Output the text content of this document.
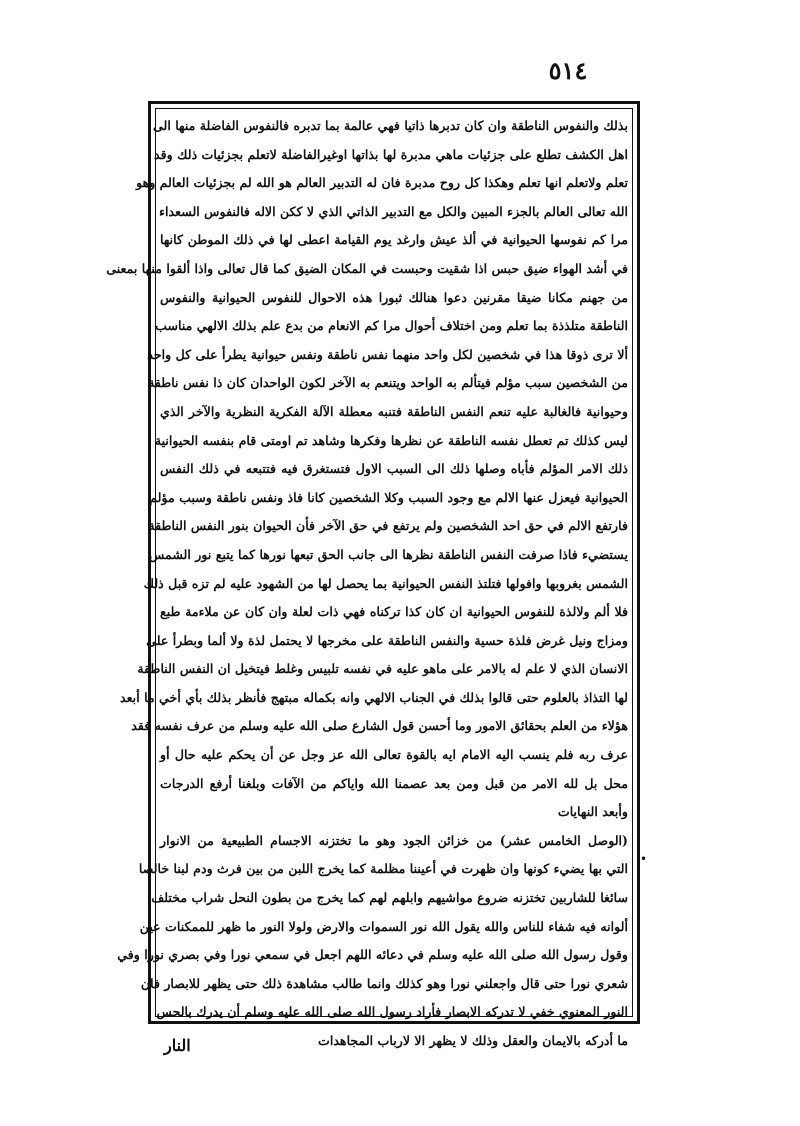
٥١٤
بذلك والنفوس الناطقة وان كان تدبرها ذاتيا فهي عالمة بما تدبره فالنفوس الفاضلة منها الى
اهل الكشف تطلع على جزئيات ماهي مدبرة لها بذاتها اوغيرالفاضلة لاتعلم بجزئيات ذلك وقد
تعلم ولاتعلم انها تعلم وهكذا كل روح مدبرة فان له التدبير العالم هو الله لم بجزئيات العالم وهو
الله تعالى العالم بالجزء المبين والكل مع التدبير الذاتي الذي لا ككن الاله فالنفوس السعداء
مرا كم نفوسها الحيوانية في ألذ عيش وارغد يوم القيامة اعطى لها في ذلك الموطن كانها
في أشد الهواء ضيق حبس اذا شقيت وحبست في المكان الضيق كما قال تعالى واذا ألقوا منها بمعنى
من جهنم مكانا ضيقا مقرنين دعوا هنالك ثبورا هذه الاحوال للنفوس الحيوانية والنفوس
الناطقة متلذذة بما تعلم ومن اختلاف أحوال مرا كم الانعام من بدع علم بذلك الالهي مناسب
ألا ترى ذوقا هذا في شخصين لكل واحد منهما نفس ناطقة ونفس حيوانية يطرأ على كل واحد
من الشخصين سبب مؤلم فيتألم به الواحد ويتنعم به الآخر لكون الواحدان كان ذا نفس ناطقة
وحيوانية فالغالبة عليه تنعم النفس الناطقة فتنبه معطلة الآلة الفكرية النظرية والآخر الذي
ليس كذلك تم تعطل نفسه الناطقة عن نظرها وفكرها وشاهد تم اومتى قام بنفسه الحيوانية
ذلك الامر المؤلم فأباه وصلها ذلك الى السبب الاول فتستغرق فيه فتتبعه في ذلك النفس
الحيوانية فيعزل عنها الالم مع وجود السبب وكلا الشخصين كانا فاذ ونفس ناطقة وسبب مؤلم
فارتفع الالم في حق احد الشخصين ولم يرتفع في حق الآخر فأن الحيوان بنور النفس الناطقة
يستضيء فاذا صرفت النفس الناطقة نظرها الى جانب الحق تبعها نورها كما يتبع نور الشمس
الشمس بغروبها وافولها فتلتذ النفس الحيوانية بما يحصل لها من الشهود عليه لم تزه قبل ذلك
فلا ألم ولالذة للنفوس الحيوانية ان كان كذا تركناه فهي ذات لعلة وان كان عن ملاءمة طبع
ومزاج ونيل غرض فلذة حسية والنفس الناطقة على مخرجها لا يحتمل لذة ولا ألما وبطرأ على
الانسان الذي لا علم له بالامر على ماهو عليه في نفسه تلبيس وغلط فيتخيل ان النفس الناطقة
لها التذاذ بالعلوم حتى قالوا بذلك في الجناب الالهي وانه بكماله مبتهج فأنظر بذلك بأي أخي ما أبعد
هؤلاء من العلم بحقائق الامور وما أحسن قول الشارع صلى الله عليه وسلم من عرف نفسه فقد
عرف ربه فلم ينسب اليه الامام ايه بالقوة تعالى الله عز وجل عن أن يحكم عليه حال أو
محل بل لله الامر من قبل ومن بعد عصمنا الله واياكم من الآفات وبلغنا أرفع الدرجات
وأبعد النهايات
(الوصل الخامس عشر) من خزائن الجود وهو ما تختزنه الاجسام الطبيعية من الانوار
التي بها يضيء كونها وان ظهرت في أعيننا مظلمة كما يخرج اللبن من بين فرث ودم لبنا خالصا
سائغا للشاربين تختزنه ضروع مواشيهم وابلهم لهم كما يخرج من بطون النحل شراب مختلف
ألوانه فيه شفاء للناس والله يقول الله نور السموات والارض ولولا النور ما ظهر للممكنات عين
وقول رسول الله صلى الله عليه وسلم في دعائه اللهم اجعل في سمعي نورا وفي بصري نورا وفي
شعري نورا حتى قال واجعلني نورا وهو كذلك وانما طالب مشاهدة ذلك حتى يظهر للابصار فان
النور المعنوي خفي لا تدركه الابصار فأراد رسول الله صلى الله عليه وسلم أن يدرك بالحس
ما أدركه بالايمان والعقل وذلك لا يظهر الا لارباب المجاهدات
•
النار
